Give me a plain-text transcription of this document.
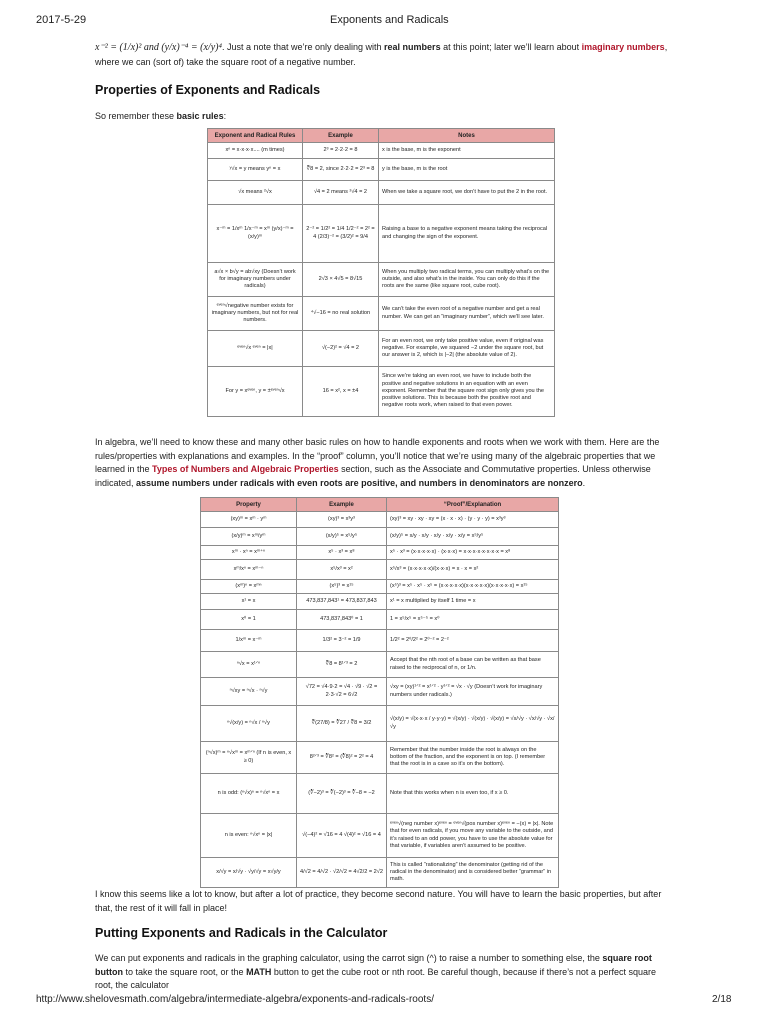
2017-5-29	Exponents and Radicals
x⁻² = (1/x)² and (y/x)⁻⁴ = (x/y)⁴. Just a note that we’re only dealing with real numbers at this point; later we’ll learn about imaginary numbers, where we can (sort of) take the square root of a negative number.
Properties of Exponents and Radicals
So remember these basic rules:
Exponent and Radical Rules	Example	Notes
xⁿ = x·x·x·x.... (m times)	2³ = 2·2·2 = 8	x is the base, m is the exponent
ʸ√x = y means yⁿ = x	∛8 = 2, since 2·2·2 = 2³ = 8	y is the base, m is the root
√x means ²√x	√4 = 2 means ²√4 = 2	When we take a square root, we don’t have to put the 2 in the root.
x⁻ᵐ = 1/xᵐ 1/x⁻ᵐ = xᵐ (y/x)⁻ᵐ = (x/y)ᵐ	2⁻² = 1/2² = 1/4 1/2⁻² = 2² = 4 (2/3)⁻² = (3/2)² = 9/4	Raising a base to a negative exponent means taking the reciprocal and changing the sign of the exponent.
a√x × b√y = ab√xy (Doesn’t work for imaginary numbers under radicals)	2√3 × 4√5 = 8√15	When you multiply two radical terms, you can multiply what’s on the outside, and also what’s in the inside. You can only do this if the roots are the same (like square root, cube root).
ᵉᵛᵉⁿ√negative number exists for imaginary numbers, but not for real numbers.	⁴√−16 = no real solution	We can’t take the even root of a negative number and get a real number. We can get an “imaginary number”, which we’ll see later.
ᵉᵛᵉⁿ√x ᵉᵛᵉⁿ = |x|	√(−2)² = √4 = 2	For an even root, we only take positive value, even if original was negative. For example, we squared −2 under the square root, but our answer is 2, which is |−2| (the absolute value of 2).
For y = xᵉᵛᵉⁿ, y = ±ᵉᵛᵉⁿ√x	16 = x², x = ±4	Since we’re taking an even root, we have to include both the positive and negative solutions in an equation with an even exponent. Remember that the square root sign only gives you the positive solutions. This is because both the positive root and negative roots work, when raised to that even power.
In algebra, we’ll need to know these and many other basic rules on how to handle exponents and roots when we work with them. Here are the rules/properties with explanations and examples. In the “proof” column, you’ll notice that we’re using many of the algebraic properties that we learned in the Types of Numbers and Algebraic Properties section, such as the Associate and Commutative properties. Unless otherwise indicated, assume numbers under radicals with even roots are positive, and numbers in denominators are nonzero.
Property	Example	“Proof”/Explanation
(xy)ᵐ = xᵐ · yᵐ	(xy)³ = x³y³	(xy)³ = xy · xy · xy = (x · x · x) · (y · y · y) = x³y³
(x/y)ᵐ = xᵐ/yᵐ	(x/y)⁵ = x⁵/y⁵	(x/y)⁵ = x/y · x/y · x/y · x/y · x/y = x⁵/y⁵
xᵐ · xⁿ = xᵐ⁺ⁿ	x⁵ · x³ = x⁸	x⁵ · x³ = (x·x·x·x·x) · (x·x·x) = x·x·x·x·x·x·x·x = x⁸
xᵐ/xⁿ = xᵐ⁻ⁿ	x⁵/x³ = x²	x⁵/x³ = (x·x·x·x·x)/(x·x·x) = x · x = x²
(xᵐ)ⁿ = xᵐⁿ	(x⁵)³ = x¹⁵	(x⁵)³ = x⁵ · x⁵ · x⁵ = (x·x·x·x·x)(x·x·x·x·x)(x·x·x·x·x) = x¹⁵
x¹ = x	473,837,843¹ = 473,837,843	x¹ = x multiplied by itself 1 time = x
x⁰ = 1	473,837,843⁰ = 1	1 = x⁵/x⁵ = x⁵⁻⁵ = x⁰
1/xᵐ = x⁻ᵐ	1/3² = 3⁻² = 1/9	1/2² = 2⁰/2² = 2⁰⁻² = 2⁻²
ⁿ√x = x¹ᐟⁿ	∛8 = 8¹ᐟ³ = 2	Accept that the nth root of a base can be written as that base raised to the reciprocal of n, or 1/n.
ⁿ√xy = ⁿ√x · ⁿ√y	√72 = √4·9·2 = √4 · √9 · √2 = 2·3·√2 = 6√2	√xy = (xy)¹ᐟ² = x¹ᐟ² · y¹ᐟ² = √x · √y (Doesn’t work for imaginary numbers under radicals.)
ⁿ√(x/y) = ⁿ√x / ⁿ√y	∛(27/8) = ∛27 / ∛8 = 3/2	√(x/y) = √(x·x·x / y·y·y) = √(x/y) · √(x/y) · √(x/y) = √x/√y · √x/√y · √x/√y
(ⁿ√x)ᵐ = ⁿ√xᵐ = xᵐᐟⁿ (If n is even, x ≥ 0)	8²ᐟ³ = ∛8² = (∛8)² = 2² = 4	Remember that the number inside the root is always on the bottom of the fraction, and the exponent is on top. (I remember that the root is in a cave so it’s on the bottom).
n is odd: (ⁿ√x)ⁿ = ⁿ√xⁿ = x	(∛−2)³ = ∛(−2)³ = ∛−8 = −2	Note that this works when n is even too, if x ≥ 0.
n is even: ⁿ√xⁿ = |x|	√(−4)² = √16 = 4 √(4)² = √16 = 4	ᵉᵛᵉⁿ√(neg number x)ᵉᵛᵉⁿ = ᵉᵛᵉⁿ√(pos number x)ᵉᵛᵉⁿ = −(x) = |x|. Note that for even radicals, if you move any variable to the outside, and it’s raised to an odd power, you have to use the absolute value for that variable, if variables aren’t assumed to be positive.
x/√y = x/√y · √y/√y = x√y/y	4/√2 = 4/√2 · √2/√2 = 4√2/2 = 2√2	This is called “rationalizing” the denominator (getting rid of the radical in the denominator) and is considered better “grammar” in math.
I know this seems like a lot to know, but after a lot of practice, they become second nature. You will have to learn the basic properties, but after that, the rest of it will fall in place!
Putting Exponents and Radicals in the Calculator
We can put exponents and radicals in the graphing calculator, using the carrot sign (^) to raise a number to something else, the square root button to take the square root, or the MATH button to get the cube root or nth root. Be careful though, because if there’s not a perfect square root, the calculator
http://www.shelovesmath.com/algebra/intermediate-algebra/exponents-and-radicals-roots/	2/18
